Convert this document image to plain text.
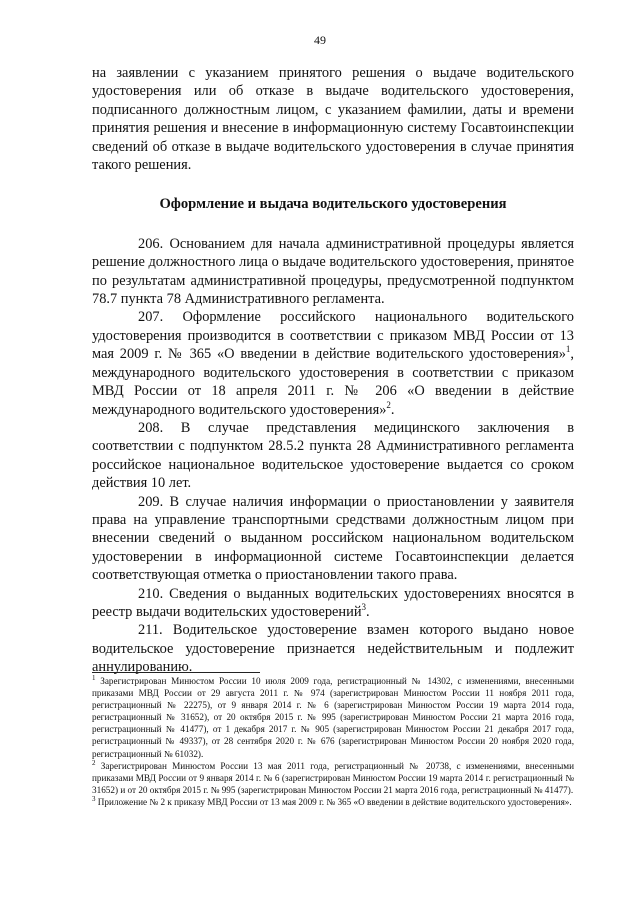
49

на заявлении с указанием принятого решения о выдаче водительского удостоверения или об отказе в выдаче водительского удостоверения, подписанного должностным лицом, с указанием фамилии, даты и времени принятия решения и внесение в информационную систему Госавтоинспекции сведений об отказе в выдаче водительского удостоверения в случае принятия такого решения.

Оформление и выдача водительского удостоверения

206. Основанием для начала административной процедуры является решение должностного лица о выдаче водительского удостоверения, принятое по результатам административной процедуры, предусмотренной подпунктом 78.7 пункта 78 Административного регламента.

207. Оформление российского национального водительского удостоверения производится в соответствии с приказом МВД России от 13 мая 2009 г. № 365 «О введении в действие водительского удостоверения»$^1$, международного водительского удостоверения в соответствии с приказом МВД России от 18 апреля 2011 г. № 206 «О введении в действие международного водительского удостоверения»$^2$.

208. В случае представления медицинского заключения в соответствии с подпунктом 28.5.2 пункта 28 Административного регламента российское национальное водительское удостоверение выдается со сроком действия 10 лет.

209. В случае наличия информации о приостановлении у заявителя права на управление транспортными средствами должностным лицом при внесении сведений о выданном российском национальном водительском удостоверении в информационной системе Госавтоинспекции делается соответствующая отметка о приостановлении такого права.

210. Сведения о выданных водительских удостоверениях вносятся в реестр выдачи водительских удостоверений$^3$.

211. Водительское удостоверение взамен которого выдано новое водительское удостоверение признается недействительным и подлежит аннулированию.

$^1$ Зарегистрирован Минюстом России 10 июля 2009 года, регистрационный № 14302, с изменениями, внесенными приказами МВД России от 29 августа 2011 г. № 974 (зарегистрирован Минюстом России 11 ноября 2011 года, регистрационный № 22275), от 9 января 2014 г. № 6 (зарегистрирован Минюстом России 19 марта 2014 года, регистрационный № 31652), от 20 октября 2015 г. № 995 (зарегистрирован Минюстом России 21 марта 2016 года, регистрационный № 41477), от 1 декабря 2017 г. № 905 (зарегистрирован Минюстом России 21 декабря 2017 года, регистрационный № 49337), от 28 сентября 2020 г. № 676 (зарегистрирован Минюстом России 20 ноября 2020 года, регистрационный № 61032).

$^2$ Зарегистрирован Минюстом России 13 мая 2011 года, регистрационный № 20738, с изменениями, внесенными приказами МВД России от 9 января 2014 г. № 6 (зарегистрирован Минюстом России 19 марта 2014 г. регистрационный № 31652) и от 20 октября 2015 г. № 995 (зарегистрирован Минюстом России 21 марта 2016 года, регистрационный № 41477).

$^3$ Приложение № 2 к приказу МВД России от 13 мая 2009 г. № 365 «О введении в действие водительского удостоверения».
